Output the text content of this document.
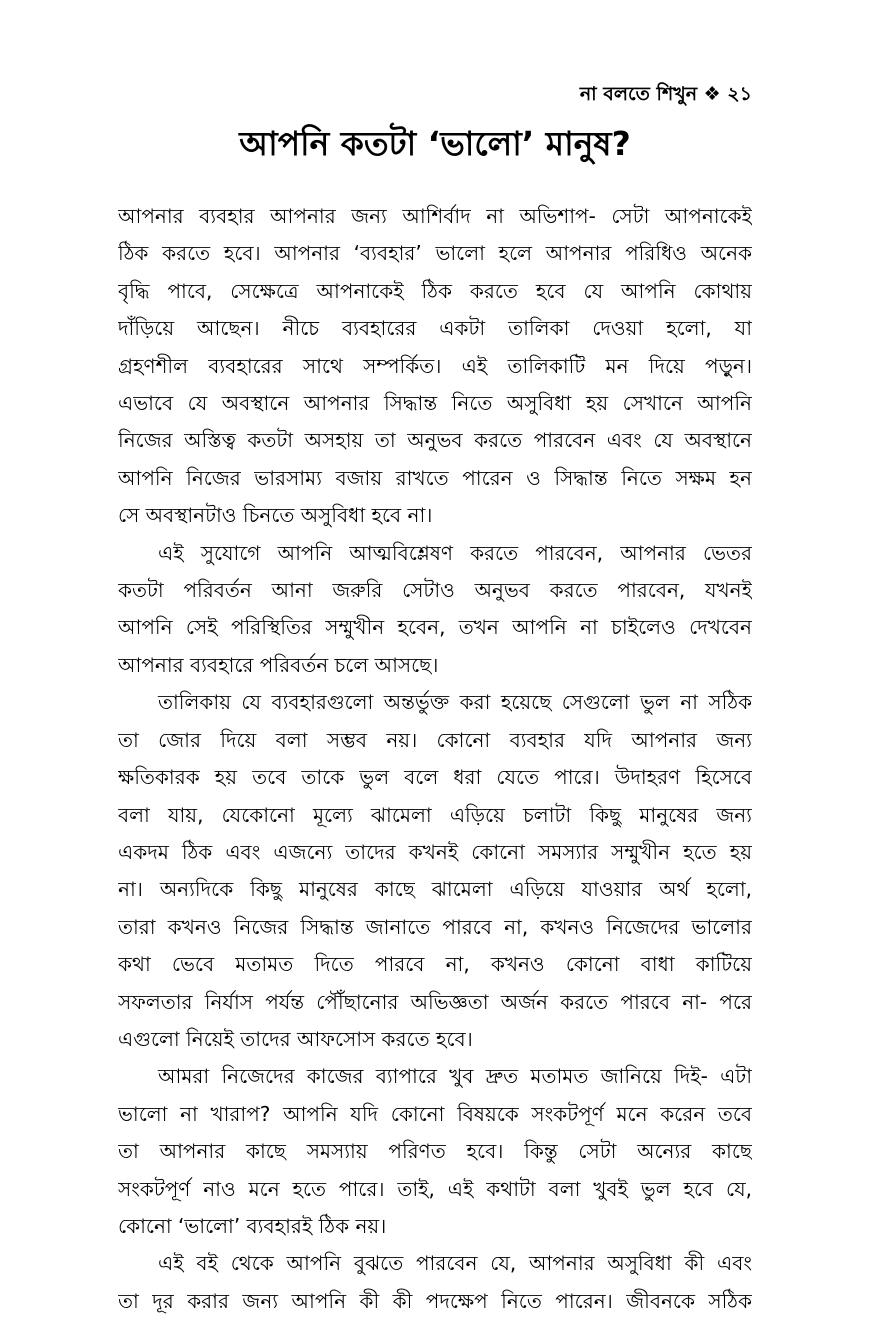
না বলতে শিখুন ❖ ২১
আপনি কতটা ‘ভালো’ মানুষ?
আপনার ব্যবহার আপনার জন্য আশির্বাদ না অভিশাপ- সেটা আপনাকেই
ঠিক করতে হবে। আপনার ‘ব্যবহার’ ভালো হলে আপনার পরিধিও অনেক
বৃদ্ধি পাবে, সেক্ষেত্রে আপনাকেই ঠিক করতে হবে যে আপনি কোথায়
দাঁড়িয়ে আছেন। নীচে ব্যবহারের একটা তালিকা দেওয়া হলো, যা
গ্রহণশীল ব্যবহারের সাথে সম্পর্কিত। এই তালিকাটি মন দিয়ে পড়ুন।
এভাবে যে অবস্থানে আপনার সিদ্ধান্ত নিতে অসুবিধা হয় সেখানে আপনি
নিজের অস্তিত্ব কতটা অসহায় তা অনুভব করতে পারবেন এবং যে অবস্থানে
আপনি নিজের ভারসাম্য বজায় রাখতে পারেন ও সিদ্ধান্ত নিতে সক্ষম হন
সে অবস্থানটাও চিনতে অসুবিধা হবে না।
এই সুযোগে আপনি আত্মবিশ্লেষণ করতে পারবেন, আপনার ভেতর
কতটা পরিবর্তন আনা জরুরি সেটাও অনুভব করতে পারবেন, যখনই
আপনি সেই পরিস্থিতির সম্মুখীন হবেন, তখন আপনি না চাইলেও দেখবেন
আপনার ব্যবহারে পরিবর্তন চলে আসছে।
তালিকায় যে ব্যবহারগুলো অন্তর্ভুক্ত করা হয়েছে সেগুলো ভুল না সঠিক
তা জোর দিয়ে বলা সম্ভব নয়। কোনো ব্যবহার যদি আপনার জন্য
ক্ষতিকারক হয় তবে তাকে ভুল বলে ধরা যেতে পারে। উদাহরণ হিসেবে
বলা যায়, যেকোনো মূল্যে ঝামেলা এড়িয়ে চলাটা কিছু মানুষের জন্য
একদম ঠিক এবং এজন্যে তাদের কখনই কোনো সমস্যার সম্মুখীন হতে হয়
না। অন্যদিকে কিছু মানুষের কাছে ঝামেলা এড়িয়ে যাওয়ার অর্থ হলো,
তারা কখনও নিজের সিদ্ধান্ত জানাতে পারবে না, কখনও নিজেদের ভালোর
কথা ভেবে মতামত দিতে পারবে না, কখনও কোনো বাধা কাটিয়ে
সফলতার নির্যাস পর্যন্ত পৌঁছানোর অভিজ্ঞতা অর্জন করতে পারবে না- পরে
এগুলো নিয়েই তাদের আফসোস করতে হবে।
আমরা নিজেদের কাজের ব্যাপারে খুব দ্রুত মতামত জানিয়ে দিই- এটা
ভালো না খারাপ? আপনি যদি কোনো বিষয়কে সংকটপূর্ণ মনে করেন তবে
তা আপনার কাছে সমস্যায় পরিণত হবে। কিন্তু সেটা অন্যের কাছে
সংকটপূর্ণ নাও মনে হতে পারে। তাই, এই কথাটা বলা খুবই ভুল হবে যে,
কোনো ‘ভালো’ ব্যবহারই ঠিক নয়।
এই বই থেকে আপনি বুঝতে পারবেন যে, আপনার অসুবিধা কী এবং
তা দূর করার জন্য আপনি কী কী পদক্ষেপ নিতে পারেন। জীবনকে সঠিক
